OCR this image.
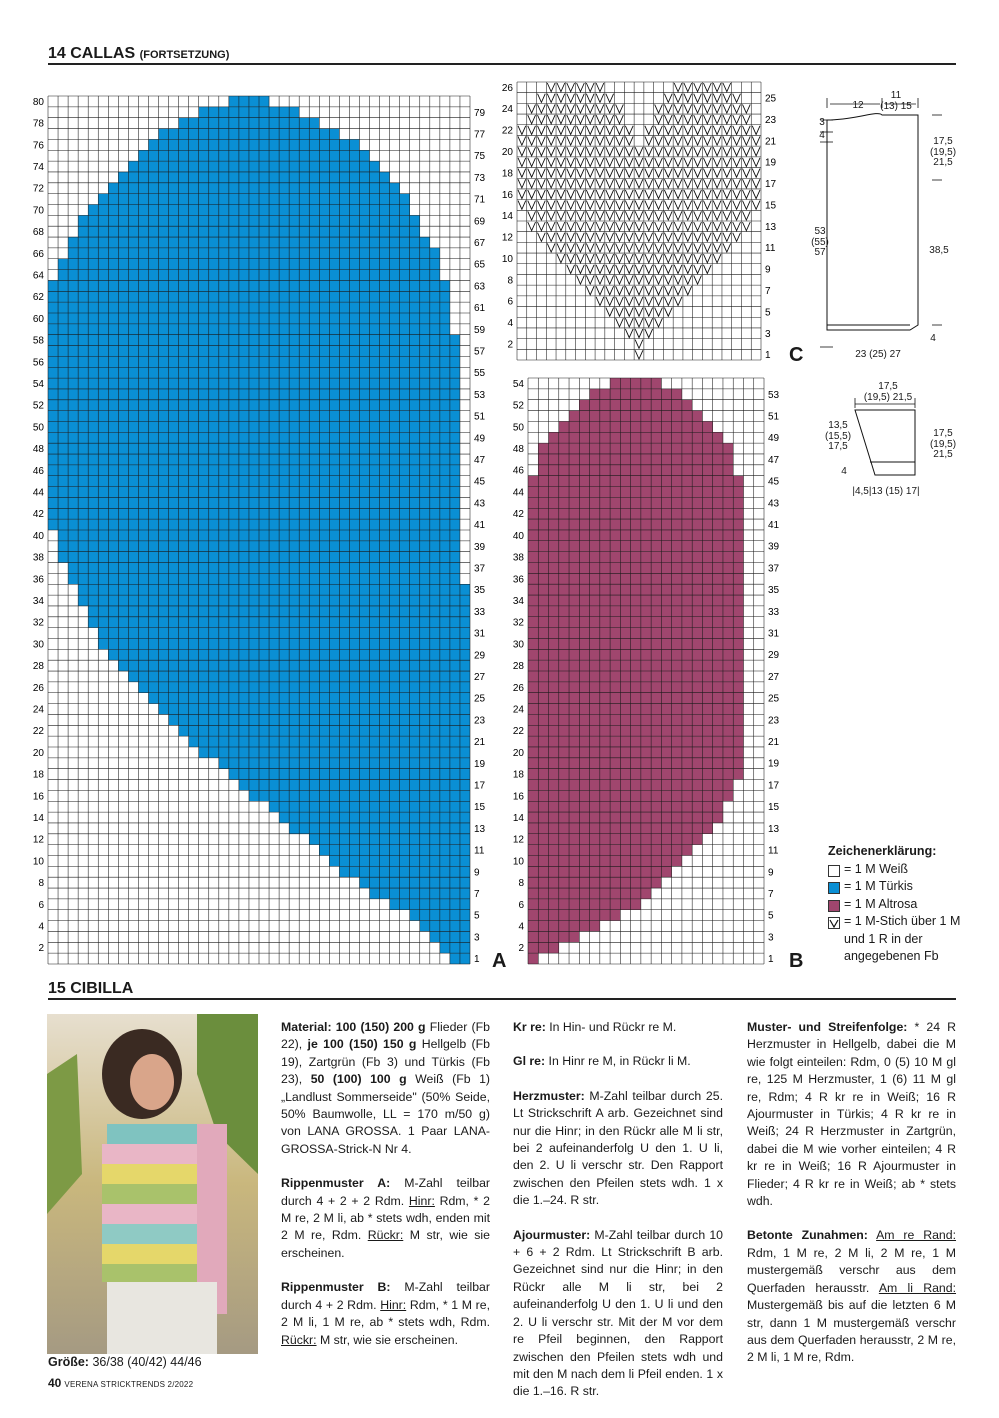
14 CALLAS (FORTSETZUNG)
2
4
6
8
10
12
14
16
18
20
22
24
26
28
30
32
34
36
38
40
42
44
46
48
50
52
54
56
58
60
62
64
66
68
70
72
74
76
78
80
1
3
5
7
9
11
13
15
17
19
21
23
25
27
29
31
33
35
37
39
41
43
45
47
49
51
53
55
57
59
61
63
65
67
69
71
73
75
77
79
2
4
6
8
10
12
14
16
18
20
22
24
26
28
30
32
34
36
38
40
42
44
46
48
50
52
54
1
3
5
7
9
11
13
15
17
19
21
23
25
27
29
31
33
35
37
39
41
43
45
47
49
51
53
2
4
6
8
10
12
14
16
18
20
22
24
26
1
3
5
7
9
11
13
15
17
19
21
23
25
A	B
C
12
11
(13) 15
3
4
53
(55)
57
17,5
(19,5)
21,5
38,5
4
23 (25) 27
17,5
(19,5) 21,5
13,5
(15,5)
17,5
17,5
(19,5)
21,5
4
|4,5|13 (15) 17|
Zeichenerklärung:
= 1 M Weiß
= 1 M Türkis
= 1 M Altrosa
= 1 M-Stich über 1 M und 1 R in der angegebenen Fb
15 CIBILLA
Größe: 36/38 (40/42) 44/46

Material: 100 (150) 200 g Flieder (Fb 22), je 100 (150) 150 g Hellgelb (Fb 19), Zartgrün (Fb 3) und Türkis (Fb 23), 50 (100) 100 g Weiß (Fb 1) „Landlust Sommerseide" (50% Seide, 50% Baumwolle, LL = 170 m/50 g) von LANA GROSSA. 1 Paar LANA-GROSSA-Strick-N Nr 4.

Rippenmuster A: M-Zahl teilbar durch 4 + 2 + 2 Rdm. Hinr: Rdm, * 2 M re, 2 M li, ab * stets wdh, enden mit 2 M re, Rdm. Rückr: M str, wie sie erscheinen.

Rippenmuster B: M-Zahl teilbar durch 4 + 2 Rdm. Hinr: Rdm, * 1 M re, 2 M li, 1 M re, ab * stets wdh, Rdm. Rückr: M str, wie sie erscheinen.

Kr re: In Hin- und Rückr re M.

Gl re: In Hinr re M, in Rückr li M.

Herzmuster: M-Zahl teilbar durch 25. Lt Strickschrift A arb. Gezeichnet sind nur die Hinr; in den Rückr alle M li str, bei 2 aufeinanderfolg U den 1. U li, den 2. U li verschr str. Den Rapport zwischen den Pfeilen stets wdh. 1 x die 1.–24. R str.

Ajourmuster: M-Zahl teilbar durch 10 + 6 + 2 Rdm. Lt Strickschrift B arb. Gezeichnet sind nur die Hinr; in den Rückr alle M li str, bei 2 aufeinanderfolg U den 1. U li und den 2. U li verschr str. Mit der M vor dem re Pfeil beginnen, den Rapport zwischen den Pfeilen stets wdh und mit den M nach dem li Pfeil enden. 1 x die 1.–16. R str.

Muster- und Streifenfolge: * 24 R Herzmuster in Hellgelb, dabei die M wie folgt einteilen: Rdm, 0 (5) 10 M gl re, 125 M Herzmuster, 1 (6) 11 M gl re, Rdm; 4 R kr re in Weiß; 16 R Ajourmuster in Türkis; 4 R kr re in Weiß; 24 R Herzmuster in Zartgrün, dabei die M wie vorher einteilen; 4 R kr re in Weiß; 16 R Ajourmuster in Flieder; 4 R kr re in Weiß; ab * stets wdh.

Betonte Zunahmen: Am re Rand: Rdm, 1 M re, 2 M li, 2 M re, 1 M mustergemäß verschr aus dem Querfaden herausstr. Am li Rand: Mustergemäß bis auf die letzten 6 M str, dann 1 M mustergemäß verschr aus dem Querfaden herausstr, 2 M re, 2 M li, 1 M re, Rdm.

40 VERENA STRICKTRENDS 2/2022
